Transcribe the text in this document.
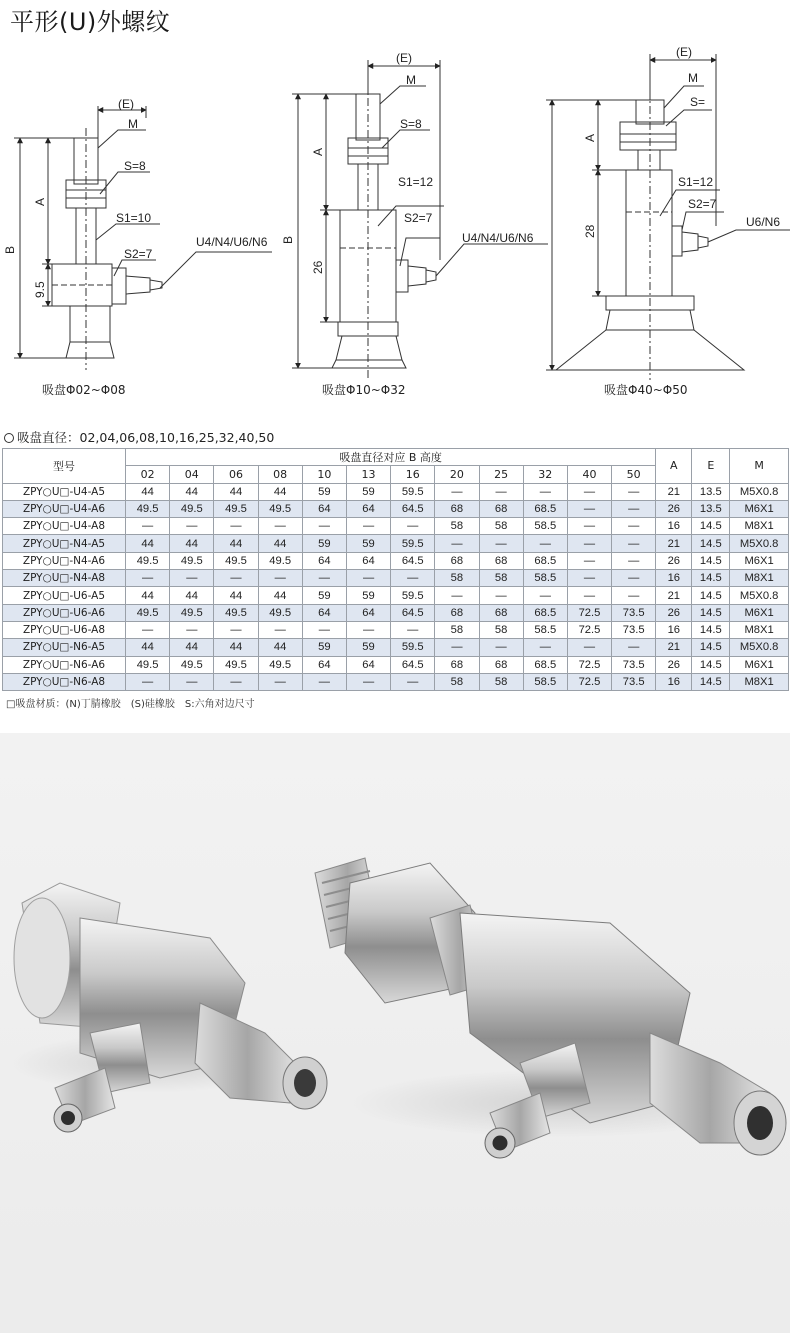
平形(U)外螺纹
(E)
M
S=8
S1=10
S2=7
U4/N4/U6/N6
A
B
9.5
吸盘Φ02~Φ08
(E)
M
S=8
S1=12
S2=7
U4/N4/U6/N6
A
B
26
吸盘Φ10~Φ32
(E)
M
S=
S1=12
S2=7
U6/N6
A
28
吸盘Φ40~Φ50
吸盘直径：02,04,06,08,10,16,25,32,40,50
型号	吸盘直径对应 B 高度												A	E	M
	02	04	06	08	10	13	16	20	25	32	40	50			
ZPY○U□-U4-A5	44	44	44	44	59	59	59.5	—	—	—	—	—	21	13.5	M5X0.8
ZPY○U□-U4-A6	49.5	49.5	49.5	49.5	64	64	64.5	68	68	68.5	—	—	26	13.5	M6X1
ZPY○U□-U4-A8	—	—	—	—	—	—	—	58	58	58.5	—	—	16	14.5	M8X1
ZPY○U□-N4-A5	44	44	44	44	59	59	59.5	—	—	—	—	—	21	14.5	M5X0.8
ZPY○U□-N4-A6	49.5	49.5	49.5	49.5	64	64	64.5	68	68	68.5	—	—	26	14.5	M6X1
ZPY○U□-N4-A8	—	—	—	—	—	—	—	58	58	58.5	—	—	16	14.5	M8X1
ZPY○U□-U6-A5	44	44	44	44	59	59	59.5	—	—	—	—	—	21	14.5	M5X0.8
ZPY○U□-U6-A6	49.5	49.5	49.5	49.5	64	64	64.5	68	68	68.5	72.5	73.5	26	14.5	M6X1
ZPY○U□-U6-A8	—	—	—	—	—	—	—	58	58	58.5	72.5	73.5	16	14.5	M8X1
ZPY○U□-N6-A5	44	44	44	44	59	59	59.5	—	—	—	—	—	21	14.5	M5X0.8
ZPY○U□-N6-A6	49.5	49.5	49.5	49.5	64	64	64.5	68	68	68.5	72.5	73.5	26	14.5	M6X1
ZPY○U□-N6-A8	—	—	—	—	—	—	—	58	58	58.5	72.5	73.5	16	14.5	M8X1
□吸盘材质：(N)丁腈橡胶　(S)硅橡胶　S:六角对边尺寸
